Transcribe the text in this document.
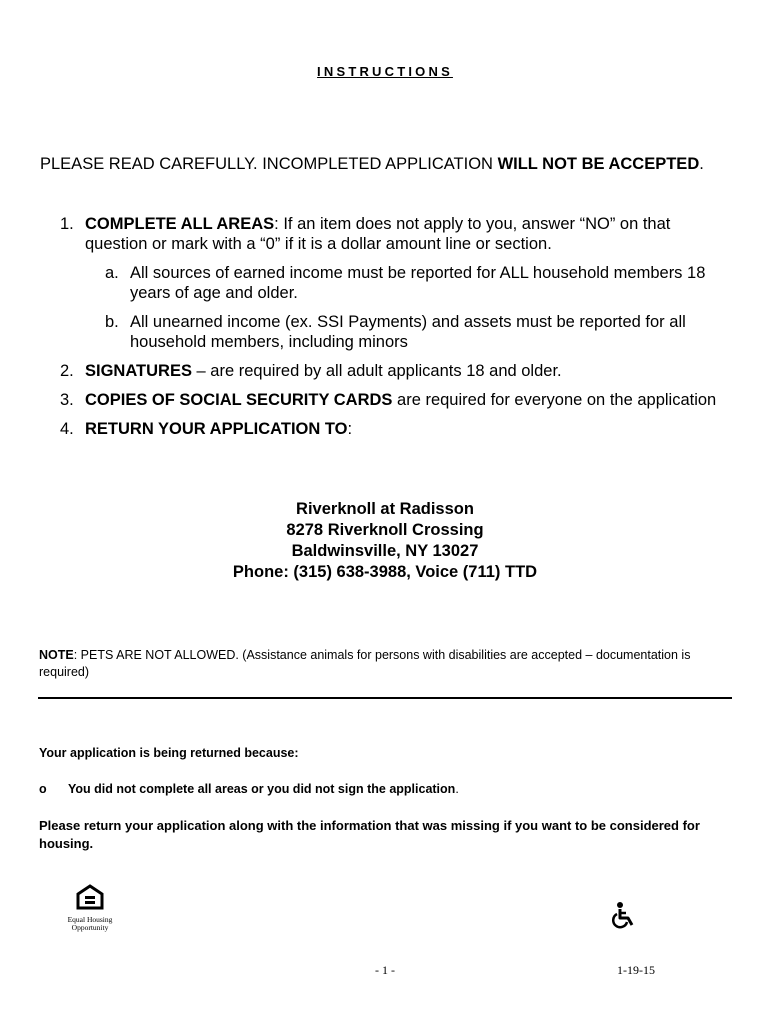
INSTRUCTIONS
PLEASE READ CAREFULLY. INCOMPLETED APPLICATION WILL NOT BE ACCEPTED.
1. COMPLETE ALL AREAS: If an item does not apply to you, answer “NO” on that question or mark with a “0” if it is a dollar amount line or section.
a. All sources of earned income must be reported for ALL household members 18 years of age and older.
b. All unearned income (ex. SSI Payments) and assets must be reported for all household members, including minors
2. SIGNATURES – are required by all adult applicants 18 and older.
3. COPIES OF SOCIAL SECURITY CARDS are required for everyone on the application
4. RETURN YOUR APPLICATION TO:
Riverknoll at Radisson
8278 Riverknoll Crossing
Baldwinsville, NY 13027
Phone: (315) 638-3988, Voice (711) TTD
NOTE: PETS ARE NOT ALLOWED. (Assistance animals for persons with disabilities are accepted – documentation is required)
Your application is being returned because:
o	You did not complete all areas or you did not sign the application.
Please return your application along with the information that was missing if you want to be considered for housing.
Equal Housing
Opportunity
- 1 -	1-19-15
